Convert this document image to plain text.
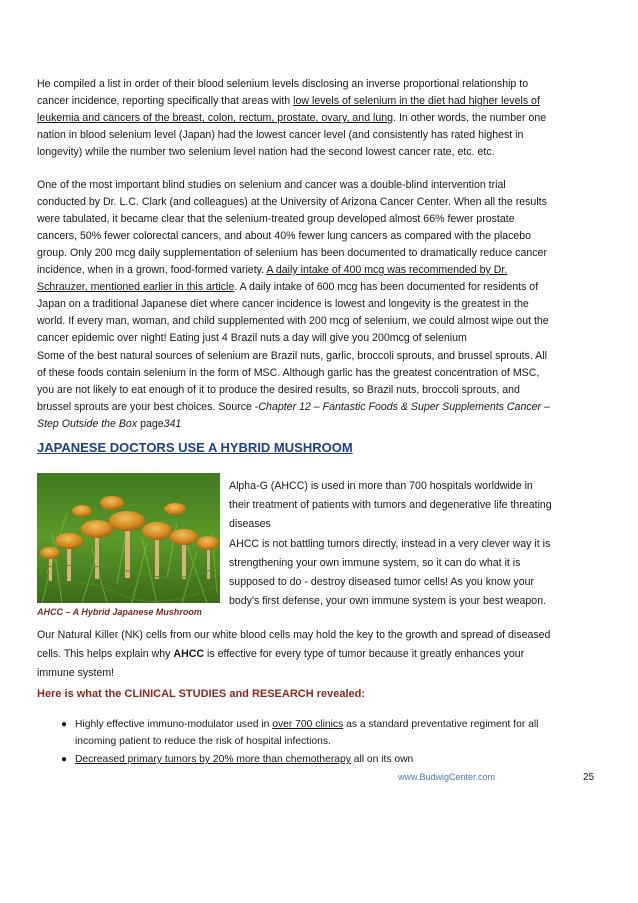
He compiled a list in order of their blood selenium levels disclosing an inverse proportional relationship to cancer incidence, reporting specifically that areas with low levels of selenium in the diet had higher levels of leukemia and cancers of the breast, colon, rectum, prostate, ovary, and lung. In other words, the number one nation in blood selenium level (Japan) had the lowest cancer level (and consistently has rated highest in longevity) while the number two selenium level nation had the second lowest cancer rate, etc. etc.

One of the most important blind studies on selenium and cancer was a double-blind intervention trial conducted by Dr. L.C. Clark (and colleagues) at the University of Arizona Cancer Center. When all the results were tabulated, it became clear that the selenium-treated group developed almost 66% fewer prostate cancers, 50% fewer colorectal cancers, and about 40% fewer lung cancers as compared with the placebo group. Only 200 mcg daily supplementation of selenium has been documented to dramatically reduce cancer incidence, when in a grown, food-formed variety. A daily intake of 400 mcg was recommended by Dr. Schrauzer, mentioned earlier in this article. A daily intake of 600 mcg has been documented for residents of Japan on a traditional Japanese diet where cancer incidence is lowest and longevity is the greatest in the world. If every man, woman, and child supplemented with 200 mcg of selenium, we could almost wipe out the cancer epidemic over night! Eating just 4 Brazil nuts a day will give you 200mcg of selenium

Some of the best natural sources of selenium are Brazil nuts, garlic, broccoli sprouts, and brussel sprouts. All of these foods contain selenium in the form of MSC. Although garlic has the greatest concentration of MSC, you are not likely to eat enough of it to produce the desired results, so Brazil nuts, broccoli sprouts, and brussel sprouts are your best choices. Source -Chapter 12 – Fantastic Foods & Super Supplements Cancer – Step Outside the Box page341

JAPANESE DOCTORS USE A HYBRID MUSHROOM
AHCC – A Hybrid Japanese Mushroom

Alpha-G (AHCC) is used in more than 700 hospitals worldwide in their treatment of patients with tumors and degenerative life threating diseases

AHCC is not battling tumors directly, instead in a very clever way it is strengthening your own immune system, so it can do what it is supposed to do - destroy diseased tumor cells! As you know your body's first defense, your own immune system is your best weapon.

Our Natural Killer (NK) cells from our white blood cells may hold the key to the growth and spread of diseased cells. This helps explain why AHCC is effective for every type of tumor because it greatly enhances your immune system!

Here is what the CLINICAL STUDIES and RESEARCH revealed:

● Highly effective immuno-modulator used in over 700 clinics as a standard preventative regiment for all incoming patient to reduce the risk of hospital infections.
● Decreased primary tumors by 20% more than chemotherapy all on its own
www.BudwigCenter.com	25
